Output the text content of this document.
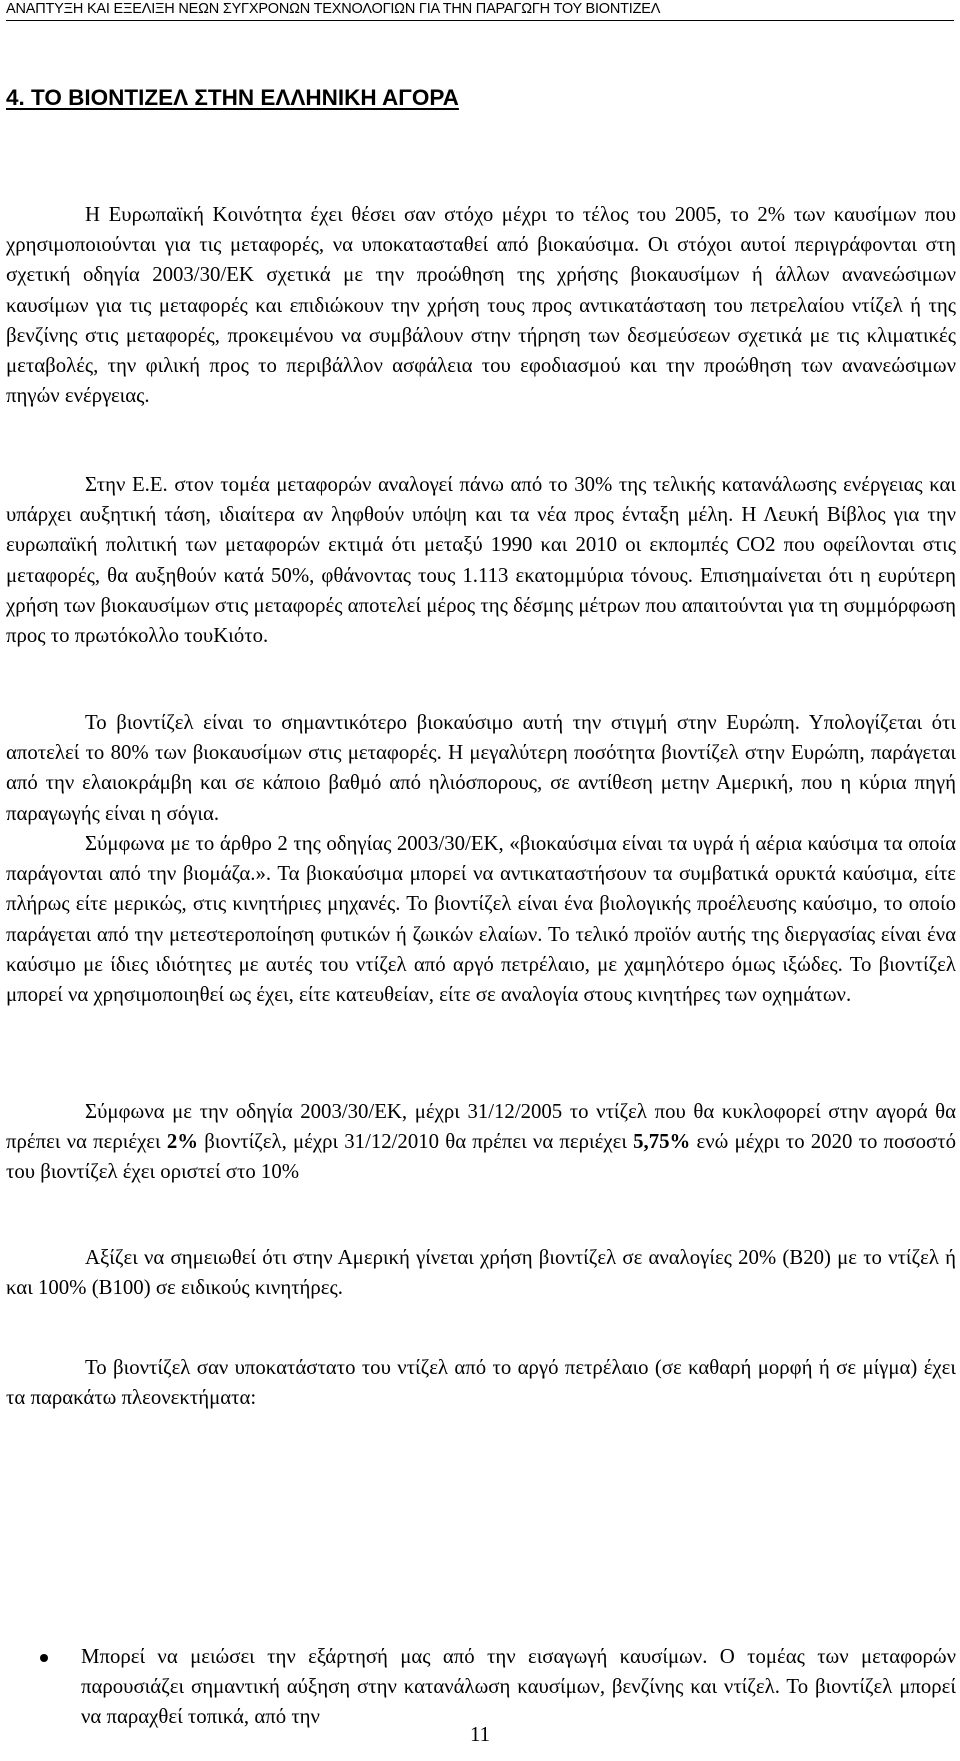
ΑΝΑΠΤΥΞΗ ΚΑΙ ΕΞΕΛΙΞΗ ΝΕΩΝ ΣΥΓΧΡΟΝΩΝ ΤΕΧΝΟΛΟΓΙΩΝ ΓΙΑ ΤΗΝ ΠΑΡΑΓΩΓΗ ΤΟΥ ΒΙΟΝΤΙΖΕΛ
4. ΤΟ ΒΙΟΝΤΙΖΕΛ ΣΤΗΝ ΕΛΛΗΝΙΚΗ ΑΓΟΡΑ

Η Ευρωπαϊκή Κοινότητα έχει θέσει σαν στόχο μέχρι το τέλος του 2005, το 2% των καυσίμων που χρησιμοποιούνται για τις μεταφορές, να υποκατασταθεί από βιοκαύσιμα. Οι στόχοι αυτοί περιγράφονται στη σχετική οδηγία 2003/30/ΕΚ σχετικά με την προώθηση της χρήσης βιοκαυσίμων ή άλλων ανανεώσιμων καυσίμων για τις μεταφορές και επιδιώκουν την χρήση τους προς αντικατάσταση του πετρελαίου ντίζελ ή της βενζίνης στις μεταφορές, προκειμένου να συμβάλουν στην τήρηση των δεσμεύσεων σχετικά με τις κλιματικές μεταβολές, την φιλική προς το περιβάλλον ασφάλεια του εφοδιασμού και την προώθηση των ανανεώσιμων πηγών ενέργειας.

Στην Ε.Ε. στον τομέα μεταφορών αναλογεί πάνω από το 30% της τελικής κατανάλωσης ενέργειας και υπάρχει αυξητική τάση, ιδιαίτερα αν ληφθούν υπόψη και τα νέα προς ένταξη μέλη. Η Λευκή Βίβλος για την ευρωπαϊκή πολιτική των μεταφορών εκτιμά ότι μεταξύ 1990 και 2010 οι εκπομπές CO2 που οφείλονται στις μεταφορές, θα αυξηθούν κατά 50%, φθάνοντας τους 1.113 εκατομμύρια τόνους. Επισημαίνεται ότι η ευρύτερη χρήση των βιοκαυσίμων στις μεταφορές αποτελεί μέρος της δέσμης μέτρων που απαιτούνται για τη συμμόρφωση προς το πρωτόκολλο τουΚιότο.

Το βιοντίζελ είναι το σημαντικότερο βιοκαύσιμο αυτή την στιγμή στην Ευρώπη. Υπολογίζεται ότι αποτελεί το 80% των βιοκαυσίμων στις μεταφορές. Η μεγαλύτερη ποσότητα βιοντίζελ στην Ευρώπη, παράγεται από την ελαιοκράμβη και σε κάποιο βαθμό από ηλιόσπορους, σε αντίθεση μετην Αμερική, που η κύρια πηγή παραγωγής είναι η σόγια.

Σύμφωνα με το άρθρο 2 της οδηγίας 2003/30/ΕΚ, «βιοκαύσιμα είναι τα υγρά ή αέρια καύσιμα τα οποία παράγονται από την βιομάζα.». Τα βιοκαύσιμα μπορεί να αντικαταστήσουν τα συμβατικά ορυκτά καύσιμα, είτε πλήρως είτε μερικώς, στις κινητήριες μηχανές. Το βιοντίζελ είναι ένα βιολογικής προέλευσης καύσιμο, το οποίο παράγεται από την μετεστεροποίηση φυτικών ή ζωικών ελαίων. Το τελικό προϊόν αυτής της διεργασίας είναι ένα καύσιμο με ίδιες ιδιότητες με αυτές του ντίζελ από αργό πετρέλαιο, με χαμηλότερο όμως ιξώδες. Το βιοντίζελ μπορεί να χρησιμοποιηθεί ως έχει, είτε κατευθείαν, είτε σε αναλογία στους κινητήρες των οχημάτων.

Σύμφωνα με την οδηγία 2003/30/ΕΚ, μέχρι 31/12/2005 το ντίζελ που θα κυκλοφορεί στην αγορά θα πρέπει να περιέχει 2% βιοντίζελ, μέχρι 31/12/2010 θα πρέπει να περιέχει 5,75% ενώ μέχρι το 2020 το ποσοστό του βιοντίζελ έχει οριστεί στο 10%

Αξίζει να σημειωθεί ότι στην Αμερική γίνεται χρήση βιοντίζελ σε αναλογίες 20% (Β20) με το ντίζελ ή και 100% (Β100) σε ειδικούς κινητήρες.

Το βιοντίζελ σαν υποκατάστατο του ντίζελ από το αργό πετρέλαιο (σε καθαρή μορφή ή σε μίγμα) έχει τα παρακάτω πλεονεκτήματα:

Μπορεί να μειώσει την εξάρτησή μας από την εισαγωγή καυσίμων. Ο τομέας των μεταφορών παρουσιάζει σημαντική αύξηση στην κατανάλωση καυσίμων, βενζίνης και ντίζελ. Το βιοντίζελ μπορεί να παραχθεί τοπικά, από την

11
